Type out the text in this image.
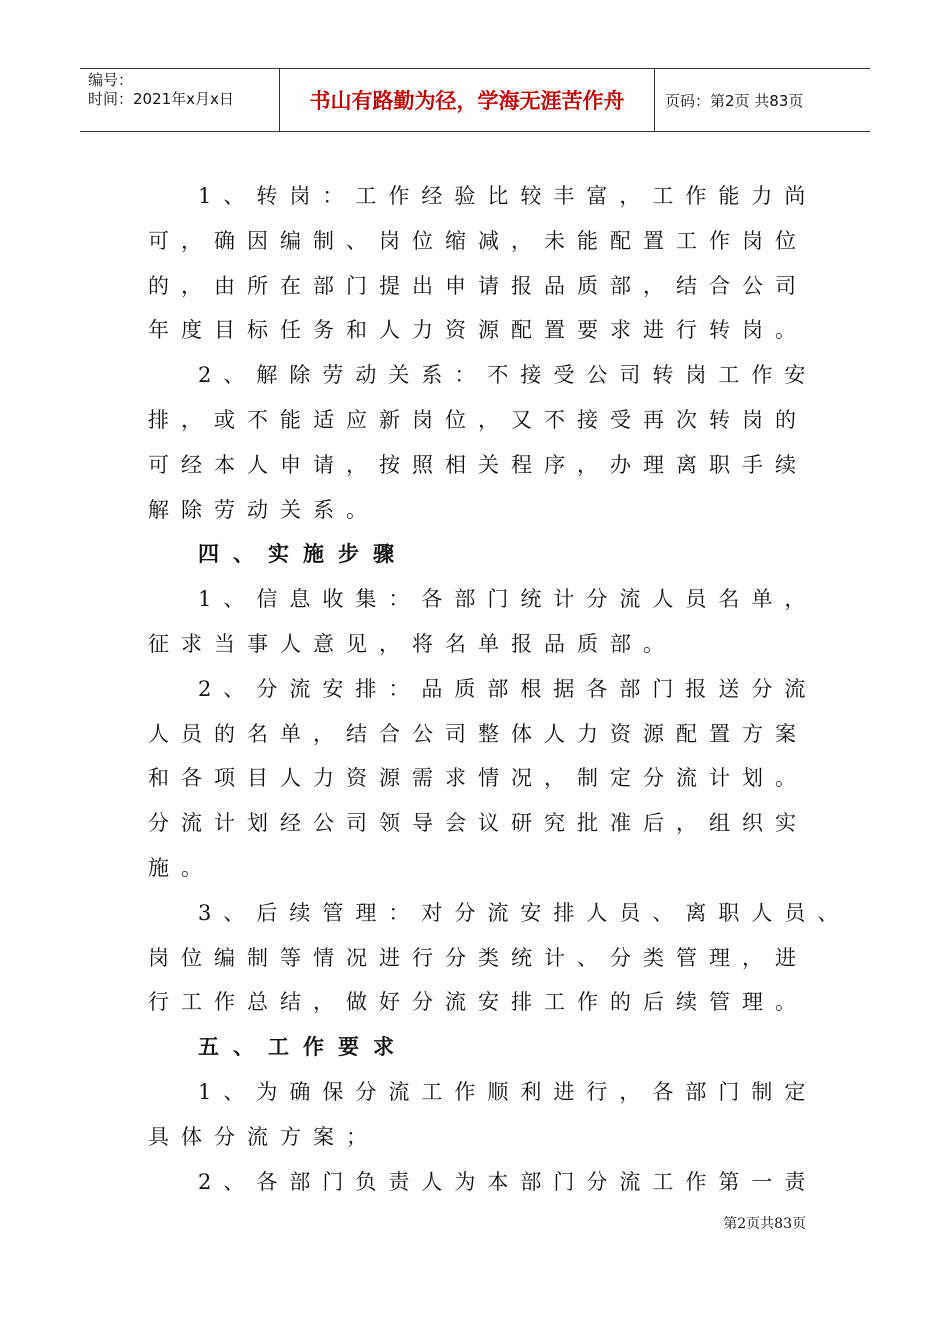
编号：
时间：2021年x月x日	书山有路勤为径，学海无涯苦作舟	页码：第2页 共83页
1、转岗：工作经验比较丰富，工作能力尚
可，确因编制、岗位缩减，未能配置工作岗位
的，由所在部门提出申请报品质部，结合公司
年度目标任务和人力资源配置要求进行转岗。
2、解除劳动关系：不接受公司转岗工作安
排，或不能适应新岗位，又不接受再次转岗的
可经本人申请，按照相关程序，办理离职手续
解除劳动关系。
四、实施步骤
1、信息收集：各部门统计分流人员名单，
征求当事人意见，将名单报品质部。
2、分流安排：品质部根据各部门报送分流
人员的名单，结合公司整体人力资源配置方案
和各项目人力资源需求情况，制定分流计划。
分流计划经公司领导会议研究批准后，组织实
施。
3、后续管理：对分流安排人员、离职人员、
岗位编制等情况进行分类统计、分类管理，进
行工作总结，做好分流安排工作的后续管理。
五、工作要求
1、为确保分流工作顺利进行，各部门制定
具体分流方案；
2、各部门负责人为本部门分流工作第一责
第2页共83页
